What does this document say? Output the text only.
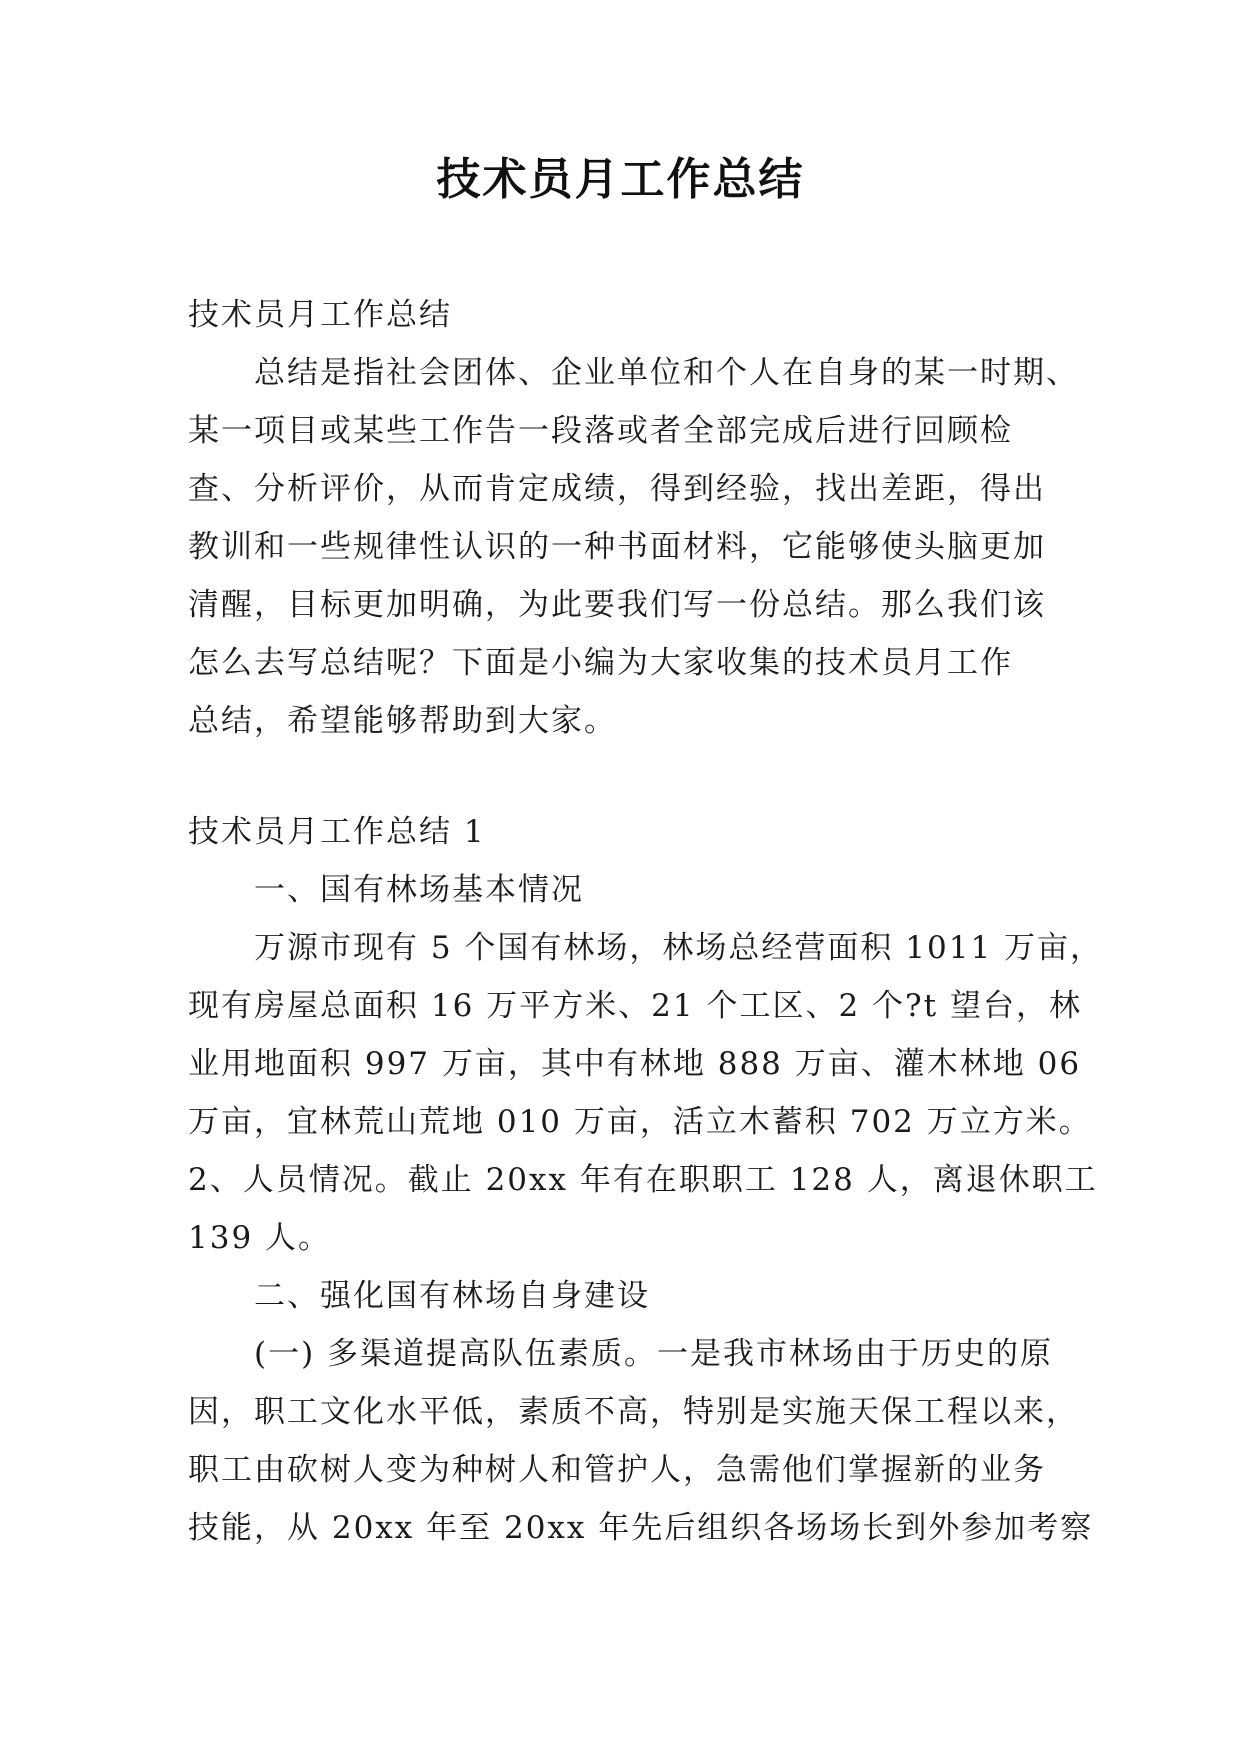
技术员月工作总结

技术员月工作总结

总结是指社会团体、企业单位和个人在自身的某一时期、
某一项目或某些工作告一段落或者全部完成后进行回顾检
查、分析评价，从而肯定成绩，得到经验，找出差距，得出
教训和一些规律性认识的一种书面材料，它能够使头脑更加
清醒，目标更加明确，为此要我们写一份总结。那么我们该
怎么去写总结呢？下面是小编为大家收集的技术员月工作
总结，希望能够帮助到大家。

技术员月工作总结 1

一、国有林场基本情况

万源市现有 5 个国有林场，林场总经营面积 1011 万亩，
现有房屋总面积 16 万平方米、21 个工区、2 个?t 望台，林
业用地面积 997 万亩，其中有林地 888 万亩、灌木林地 06
万亩，宜林荒山荒地 010 万亩，活立木蓄积 702 万立方米。
2、人员情况。截止 20xx 年有在职职工 128 人，离退休职工
139 人。

二、强化国有林场自身建设

(一) 多渠道提高队伍素质。一是我市林场由于历史的原
因，职工文化水平低，素质不高，特别是实施天保工程以来，
职工由砍树人变为种树人和管护人，急需他们掌握新的业务
技能，从 20xx 年至 20xx 年先后组织各场场长到外参加考察
